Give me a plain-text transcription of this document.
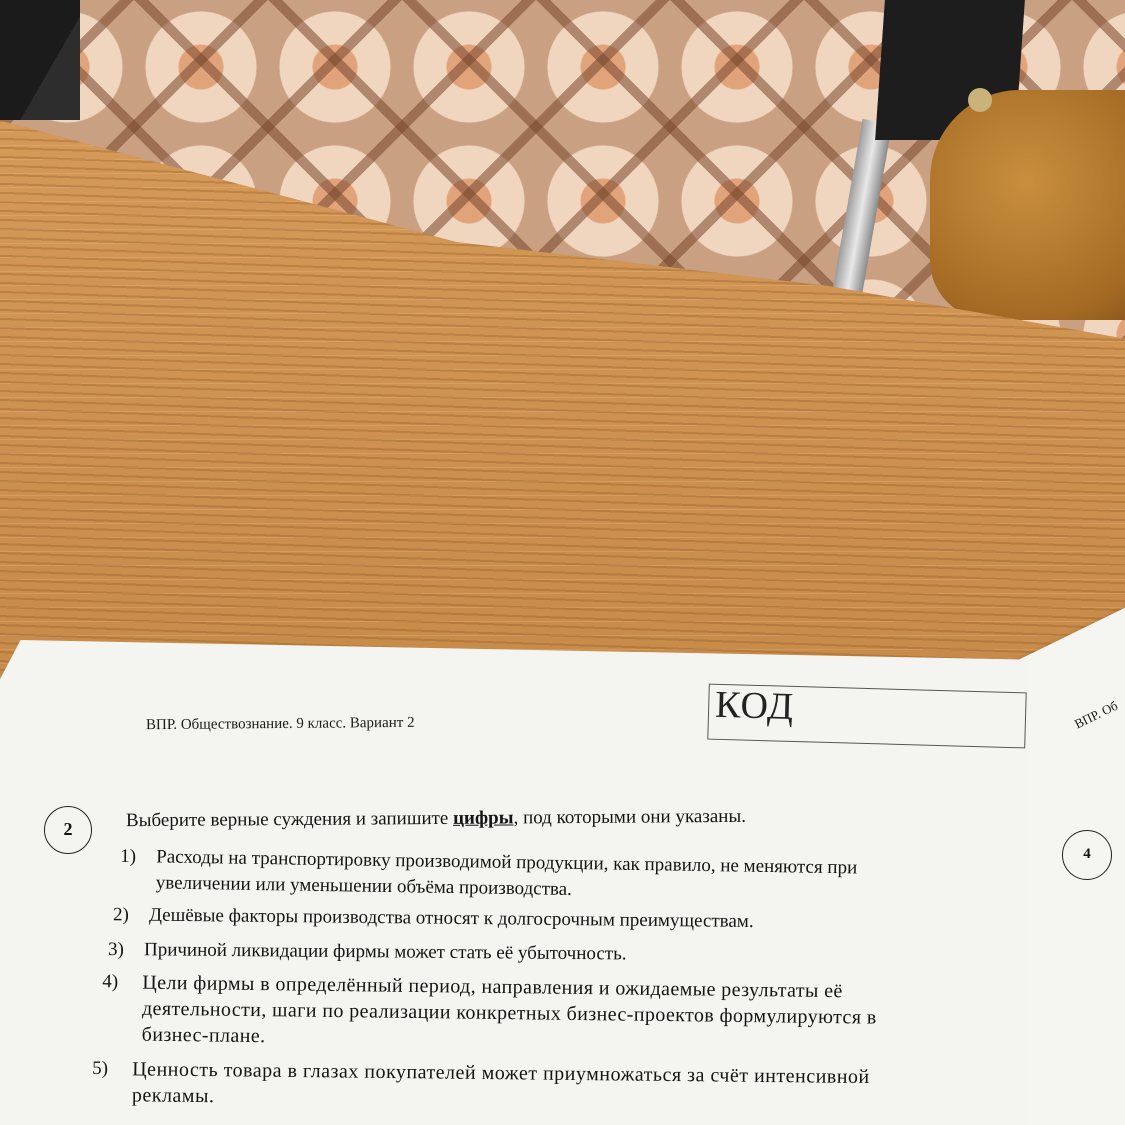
ВПР. Обществознание. 9 класс. Вариант 2	КОД	ВПР. Об
2
4
Выберите верные суждения и запишите цифры, под которыми они указаны.
1) Расходы на транспортировку производимой продукции, как правило, не меняются при
увеличении или уменьшении объёма производства.
2) Дешёвые факторы производства относят к долгосрочным преимуществам.
3) Причиной ликвидации фирмы может стать её убыточность.
4) Цели фирмы в определённый период, направления и ожидаемые результаты её
деятельности, шаги по реализации конкретных бизнес-проектов формулируются в
бизнес-плане.
5) Ценность товара в глазах покупателей может приумножаться за счёт интенсивной
рекламы.
